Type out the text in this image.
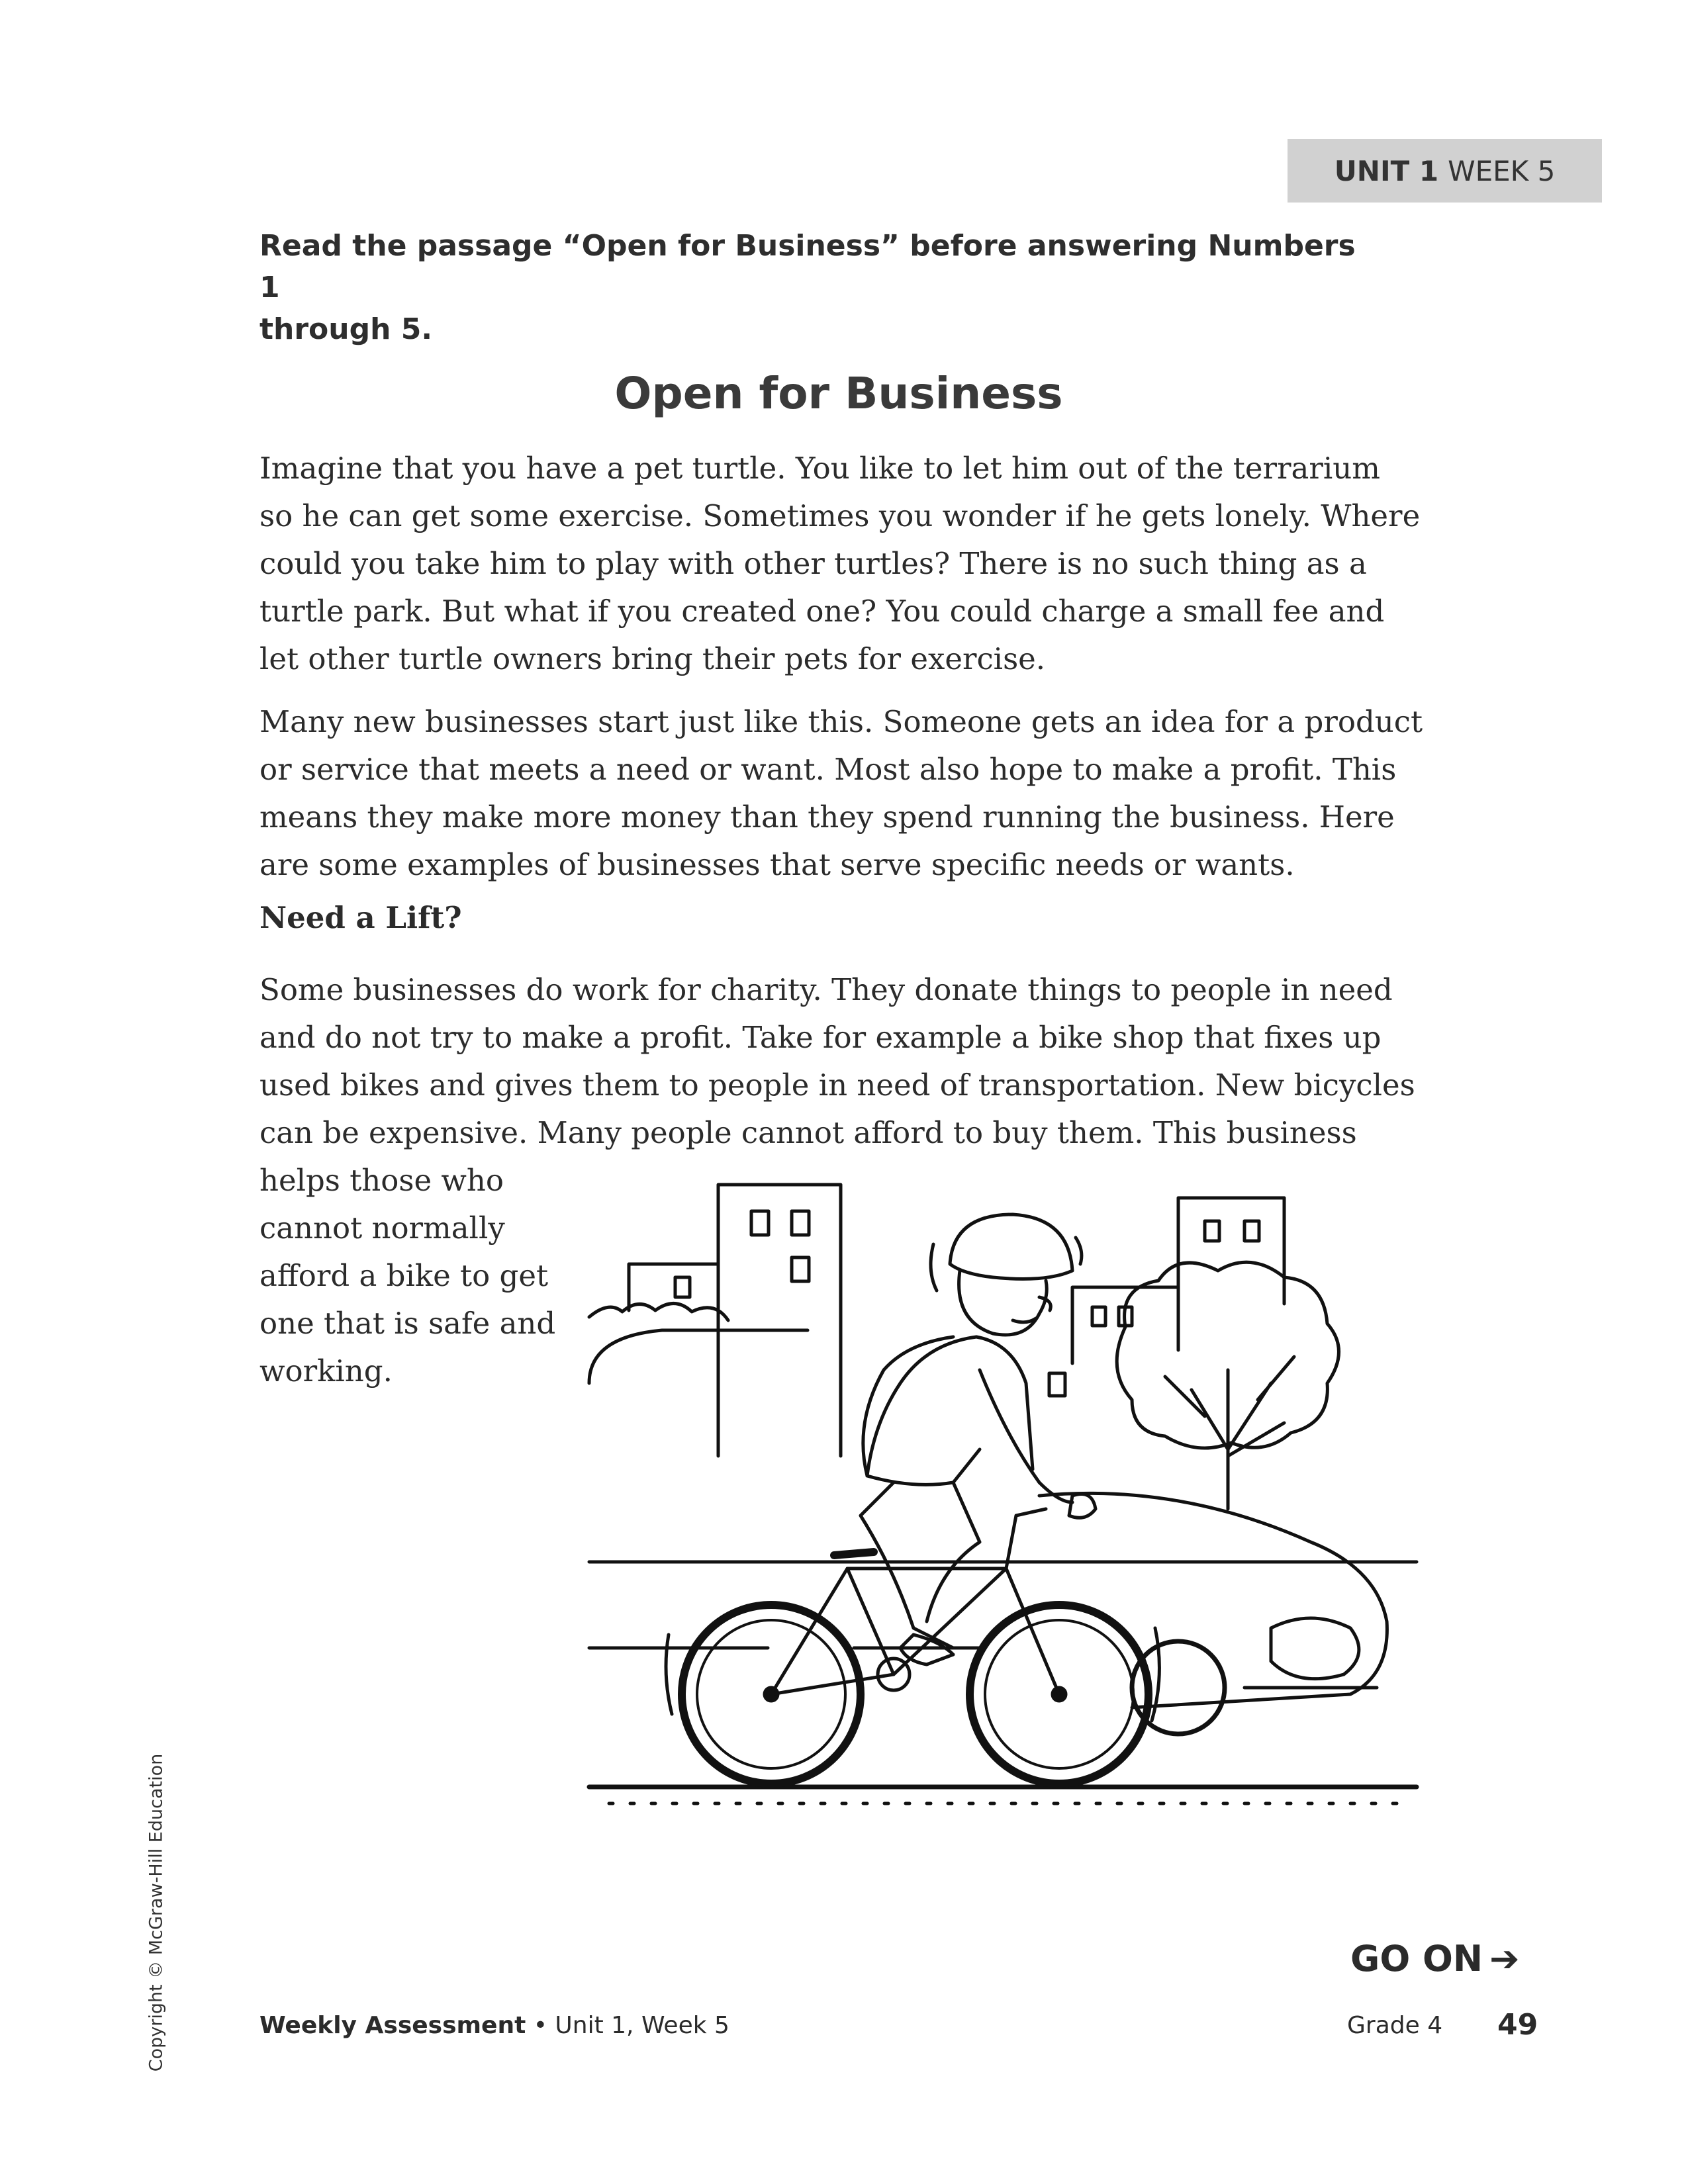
UNIT 1 WEEK 5
Read the passage “Open for Business” before answering Numbers 1
through 5.
Open for Business
Imagine that you have a pet turtle. You like to let him out of the terrarium
so he can get some exercise. Sometimes you wonder if he gets lonely. Where
could you take him to play with other turtles? There is no such thing as a
turtle park. But what if you created one? You could charge a small fee and
let other turtle owners bring their pets for exercise.
Many new businesses start just like this. Someone gets an idea for a product
or service that meets a need or want. Most also hope to make a profit. This
means they make more money than they spend running the business. Here
are some examples of businesses that serve specific needs or wants.
Need a Lift?
Some businesses do work for charity. They donate things to people in need
and do not try to make a profit. Take for example a bike shop that fixes up
used bikes and gives them to people in need of transportation. New bicycles
can be expensive. Many people cannot afford to buy them. This business
helps those who
cannot normally
afford a bike to get
one that is safe and
working.
Copyright © McGraw-Hill Education	GO ON ➔
Weekly Assessment • Unit 1, Week 5	Grade 4 49
